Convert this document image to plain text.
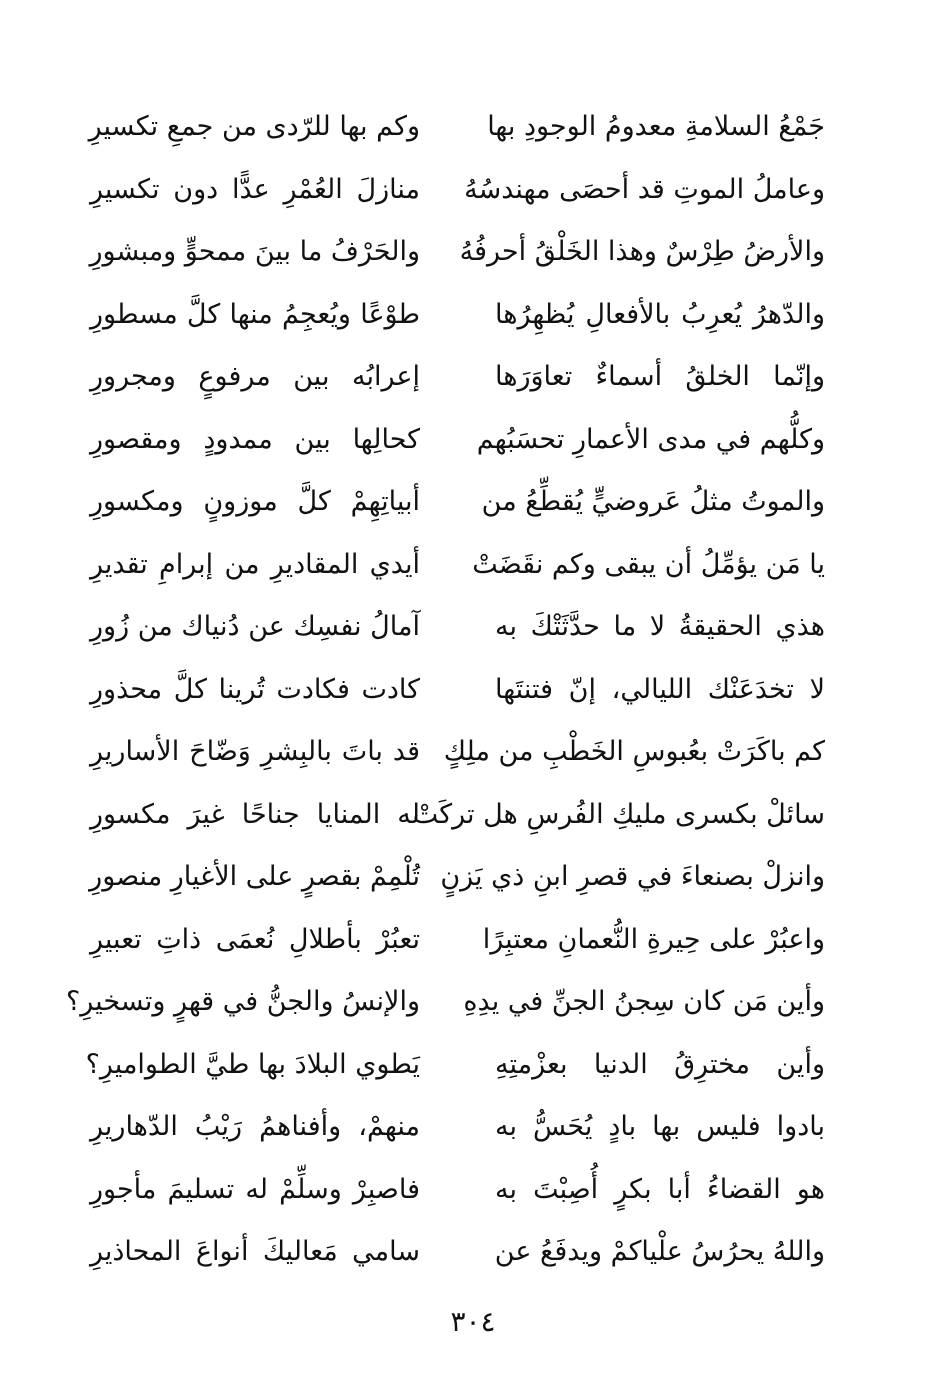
جَمْعُ السلامةِ معدومُ الوجودِ بها
وكم بها للرّدى من جمعِ تكسيرِ
وعاملُ الموتِ قد أحصَى مهندسُهُ
منازلَ العُمْرِ عدًّا دون تكسيرِ
والأرضُ طِرْسٌ وهذا الخَلْقُ أحرفُهُ
والحَرْفُ ما بينَ ممحوٍّ ومبشورِ
والدّهرُ يُعرِبُ بالأفعالِ يُظهِرُها
طوْعًا ويُعجِمُ منها كلَّ مسطورِ
وإنّما الخلقُ أسماءٌ تعاوَرَها
إعرابُه بين مرفوعٍ ومجرورِ
وكلُّهم في مدى الأعمارِ تحسَبُهم
كحالِها بين ممدودٍ ومقصورِ
والموتُ مثلُ عَروضيٍّ يُقطِّعُ من
أبياتِهِمْ كلَّ موزونٍ ومكسورِ
يا مَن يؤمِّلُ أن يبقى وكم نقَضَتْ
أيدي المقاديرِ من إبرامِ تقديرِ
هذي الحقيقةُ لا ما حدَّثَتْكَ به
آمالُ نفسِك عن دُنياك من زُورِ
لا تخدَعَنْك الليالي، إنّ فتنتَها
كادت فكادت تُرينا كلَّ محذورِ
كم باكَرَتْ بعُبوسِ الخَطْبِ من ملِكٍ
قد باتَ بالبِشرِ وَضّاحَ الأساريرِ
سائلْ بكسرى مليكِ الفُرسِ هل تركَتْ
له المنايا جناحًا غيرَ مكسورِ
وانزلْ بصنعاءَ في قصرِ ابنِ ذي يَزنٍ
تُلْمِمْ بقصرٍ على الأغيارِ منصورِ
واعبُرْ على حِيرةِ النُّعمانِ معتبِرًا
تعبُرْ بأطلالِ نُعمَى ذاتِ تعبيرِ
وأين مَن كان سِجنُ الجنِّ في يدِهِ
والإنسُ والجنُّ في قهرٍ وتسخيرِ؟
وأين مخترِقُ الدنيا بعزْمتِهِ
يَطوي البلادَ بها طيَّ الطواميرِ؟
بادوا فليس بها بادٍ يُحَسُّ به
منهمْ، وأفناهمُ رَيْبُ الدّهاريرِ
هو القضاءُ أبا بكرٍ أُصِبْتَ به
فاصبِرْ وسلِّمْ له تسليمَ مأجورِ
واللهُ يحرُسُ علْياكمْ ويدفَعُ عن
سامي مَعاليكَ أنواعَ المحاذيرِ
٣٠٤
